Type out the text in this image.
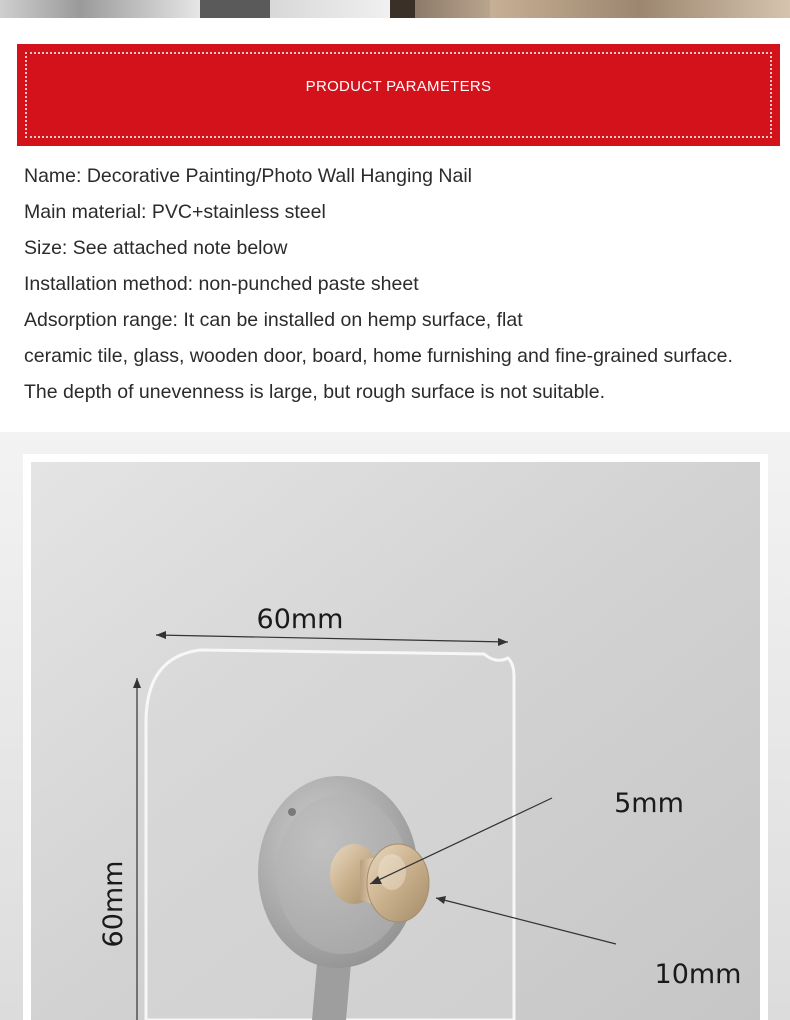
PRODUCT PARAMETERS
Name: Decorative Painting/Photo Wall Hanging Nail
Main material: PVC+stainless steel
Size: See attached note below
Installation method: non-punched paste sheet
Adsorption range: It can be installed on hemp surface, flat
ceramic tile, glass, wooden door, board, home furnishing and fine-grained surface.
The depth of unevenness is large, but rough surface is not suitable.
60mm
60mm
5mm
10mm
